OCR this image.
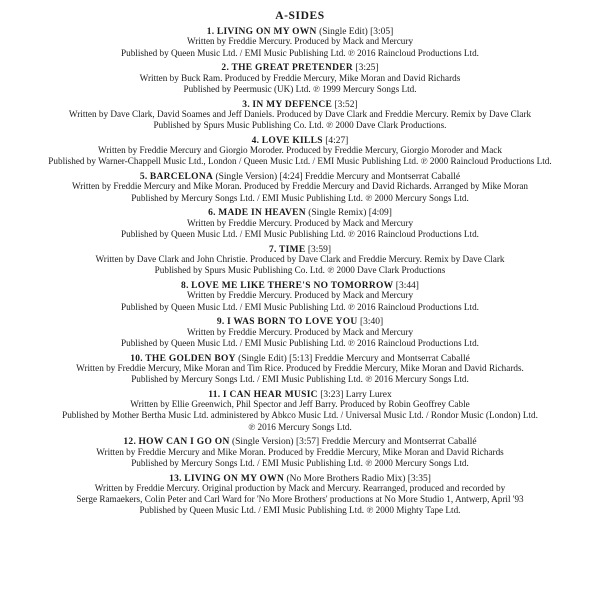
A-SIDES
1. LIVING ON MY OWN (Single Edit) [3:05]
Written by Freddie Mercury. Produced by Mack and Mercury
Published by Queen Music Ltd. / EMI Music Publishing Ltd. ℗ 2016 Raincloud Productions Ltd.
2. THE GREAT PRETENDER [3:25]
Written by Buck Ram. Produced by Freddie Mercury, Mike Moran and David Richards
Published by Peermusic (UK) Ltd. ℗ 1999 Mercury Songs Ltd.
3. IN MY DEFENCE [3:52]
Written by Dave Clark, David Soames and Jeff Daniels. Produced by Dave Clark and Freddie Mercury. Remix by Dave Clark
Published by Spurs Music Publishing Co. Ltd. ℗ 2000 Dave Clark Productions.
4. LOVE KILLS [4:27]
Written by Freddie Mercury and Giorgio Moroder. Produced by Freddie Mercury, Giorgio Moroder and Mack
Published by Warner-Chappell Music Ltd., London / Queen Music Ltd. / EMI Music Publishing Ltd. ℗ 2000 Raincloud Productions Ltd.
5. BARCELONA (Single Version) [4:24] Freddie Mercury and Montserrat Caballé
Written by Freddie Mercury and Mike Moran. Produced by Freddie Mercury and David Richards. Arranged by Mike Moran
Published by Mercury Songs Ltd. / EMI Music Publishing Ltd. ℗ 2000 Mercury Songs Ltd.
6. MADE IN HEAVEN (Single Remix) [4:09]
Written by Freddie Mercury. Produced by Mack and Mercury
Published by Queen Music Ltd. / EMI Music Publishing Ltd. ℗ 2016 Raincloud Productions Ltd.
7. TIME [3:59]
Written by Dave Clark and John Christie. Produced by Dave Clark and Freddie Mercury. Remix by Dave Clark
Published by Spurs Music Publishing Co. Ltd. ℗ 2000 Dave Clark Productions
8. LOVE ME LIKE THERE'S NO TOMORROW [3:44]
Written by Freddie Mercury. Produced by Mack and Mercury
Published by Queen Music Ltd. / EMI Music Publishing Ltd. ℗ 2016 Raincloud Productions Ltd.
9. I WAS BORN TO LOVE YOU [3:40]
Written by Freddie Mercury. Produced by Mack and Mercury
Published by Queen Music Ltd. / EMI Music Publishing Ltd. ℗ 2016 Raincloud Productions Ltd.
10. THE GOLDEN BOY (Single Edit) [5:13] Freddie Mercury and Montserrat Caballé
Written by Freddie Mercury, Mike Moran and Tim Rice. Produced by Freddie Mercury, Mike Moran and David Richards.
Published by Mercury Songs Ltd. / EMI Music Publishing Ltd. ℗ 2016 Mercury Songs Ltd.
11. I CAN HEAR MUSIC [3:23] Larry Lurex
Written by Ellie Greenwich, Phil Spector and Jeff Barry. Produced by Robin Geoffrey Cable
Published by Mother Bertha Music Ltd. administered by Abkco Music Ltd. / Universal Music Ltd. / Rondor Music (London) Ltd.
℗ 2016 Mercury Songs Ltd.
12. HOW CAN I GO ON (Single Version) [3:57] Freddie Mercury and Montserrat Caballé
Written by Freddie Mercury and Mike Moran. Produced by Freddie Mercury, Mike Moran and David Richards
Published by Mercury Songs Ltd. / EMI Music Publishing Ltd. ℗ 2000 Mercury Songs Ltd.
13. LIVING ON MY OWN (No More Brothers Radio Mix) [3:35]
Written by Freddie Mercury. Original production by Mack and Mercury. Rearranged, produced and recorded by
Serge Ramaekers, Colin Peter and Carl Ward for 'No More Brothers' productions at No More Studio 1, Antwerp, April '93
Published by Queen Music Ltd. / EMI Music Publishing Ltd. ℗ 2000 Mighty Tape Ltd.
